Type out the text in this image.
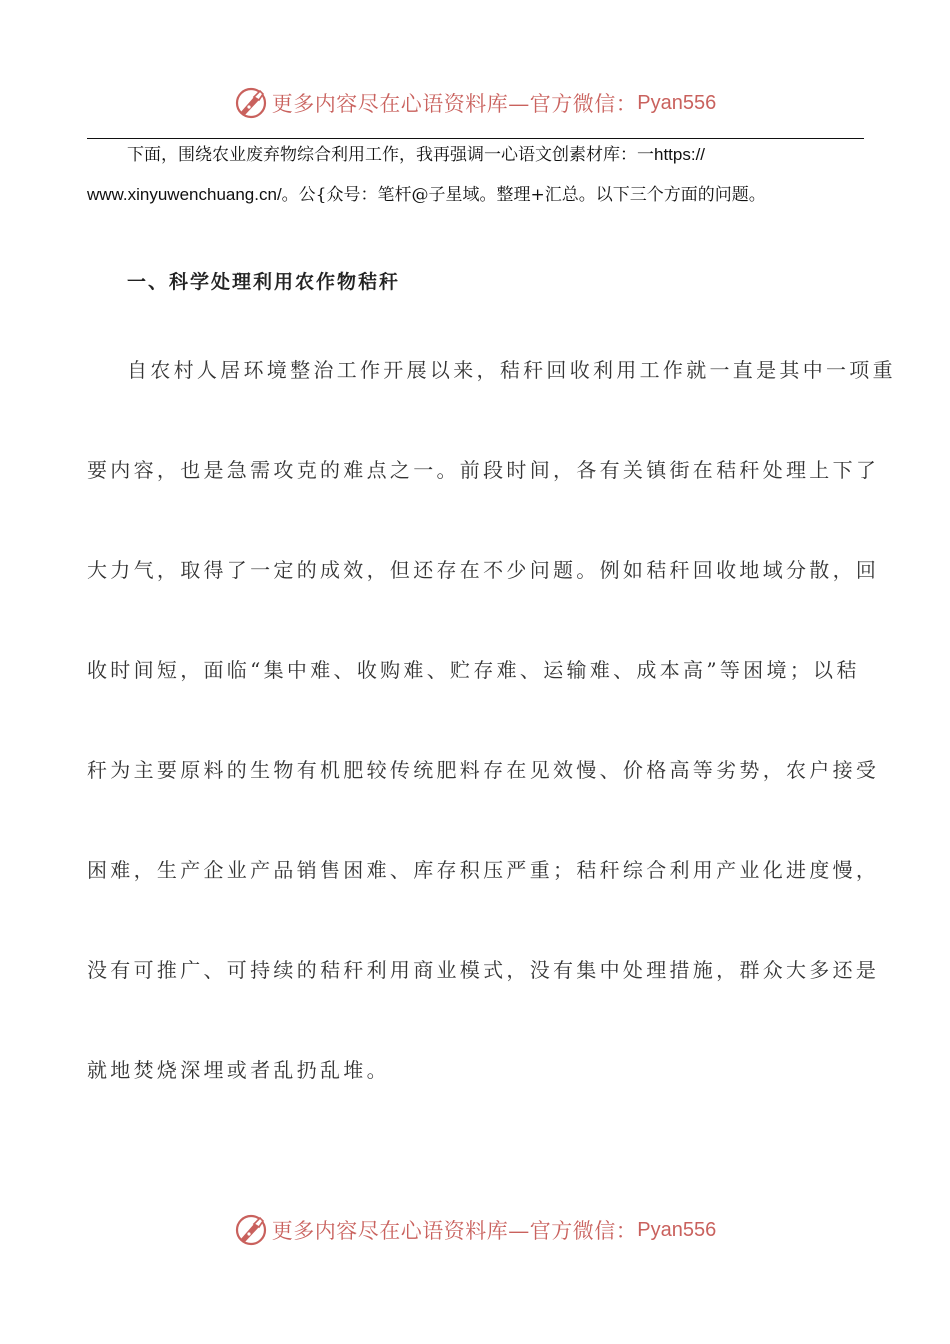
更多内容尽在心语资料库—官方微信： Pyan556
下面，围绕农业废弃物综合利用工作，我再强调一心语文创素材库：一https://
www.xinyuwenchuang.cn/。公{众号：笔杆@子星域。整理+汇总。以下三个方面的问题。
一、科学处理利用农作物秸秆
自农村人居环境整治工作开展以来，秸秆回收利用工作就一直是其中一项重
要内容，也是急需攻克的难点之一。前段时间，各有关镇街在秸秆处理上下了
大力气，取得了一定的成效，但还存在不少问题。例如秸秆回收地域分散，回
收时间短，面临“集中难、收购难、贮存难、运输难、成本高”等困境；以秸
秆为主要原料的生物有机肥较传统肥料存在见效慢、价格高等劣势，农户接受
困难，生产企业产品销售困难、库存积压严重；秸秆综合利用产业化进度慢，
没有可推广、可持续的秸秆利用商业模式，没有集中处理措施，群众大多还是
就地焚烧深埋或者乱扔乱堆。
更多内容尽在心语资料库—官方微信： Pyan556
